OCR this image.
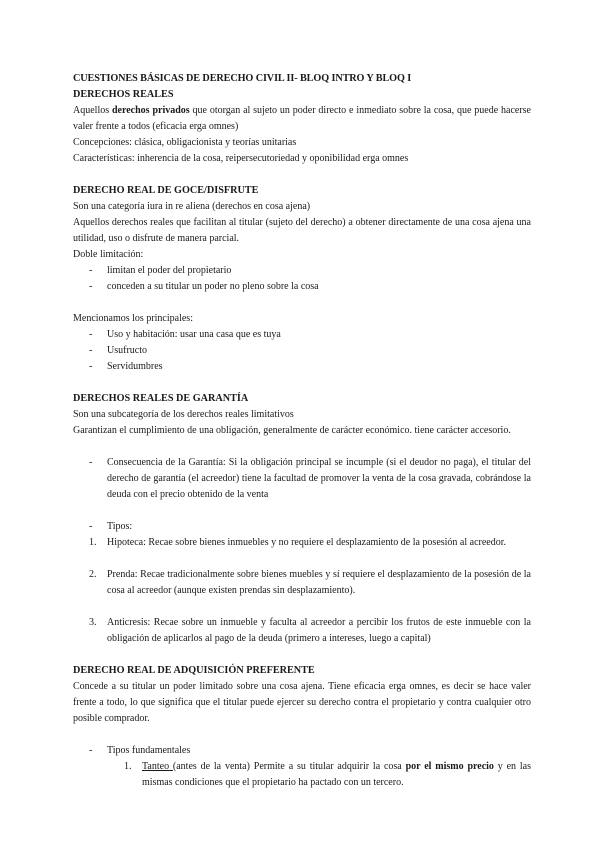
CUESTIONES BÁSICAS DE DERECHO CIVIL II- BLOQ INTRO Y BLOQ I

DERECHOS REALES

Aquellos derechos privados que otorgan al sujeto un poder directo e inmediato sobre la cosa, que puede hacerse valer frente a todos (eficacia erga omnes)

Concepciones: clásica, obligacionista y teorías unitarias

Características: inherencia de la cosa, reipersecutoriedad y oponibilidad erga omnes

DERECHO REAL DE GOCE/DISFRUTE

Son una categoría iura in re aliena (derechos en cosa ajena)

Aquellos derechos reales que facilitan al titular (sujeto del derecho) a obtener directamente de una cosa ajena una utilidad, uso o disfrute de manera parcial.

Doble limitación:

- limitan el poder del propietario
- conceden a su titular un poder no pleno sobre la cosa

Mencionamos los principales:

- Uso y habitación: usar una casa que es tuya
- Usufructo
- Servidumbres

DERECHOS REALES DE GARANTÍA

Son una subcategoría de los derechos reales limitativos

Garantizan el cumplimiento de una obligación, generalmente de carácter económico. tiene carácter accesorio.

- Consecuencia de la Garantía: Si la obligación principal se incumple (si el deudor no paga), el titular del derecho de garantía (el acreedor) tiene la facultad de promover la venta de la cosa gravada, cobrándose la deuda con el precio obtenido de la venta
- Tipos:
1. Hipoteca: Recae sobre bienes inmuebles y no requiere el desplazamiento de la posesión al acreedor.
2. Prenda: Recae tradicionalmente sobre bienes muebles y sí requiere el desplazamiento de la posesión de la cosa al acreedor (aunque existen prendas sin desplazamiento).
3. Anticresis: Recae sobre un inmueble y faculta al acreedor a percibir los frutos de este inmueble con la obligación de aplicarlos al pago de la deuda (primero a intereses, luego a capital)

DERECHO REAL DE ADQUISICIÓN PREFERENTE

Concede a su titular un poder limitado sobre una cosa ajena. Tiene eficacia erga omnes, es decir se hace valer frente a todo, lo que significa que el titular puede ejercer su derecho contra el propietario y contra cualquier otro posible comprador.

- Tipos fundamentales
1. Tanteo (antes de la venta) Permite a su titular adquirir la cosa por el mismo precio y en las mismas condiciones que el propietario ha pactado con un tercero.
